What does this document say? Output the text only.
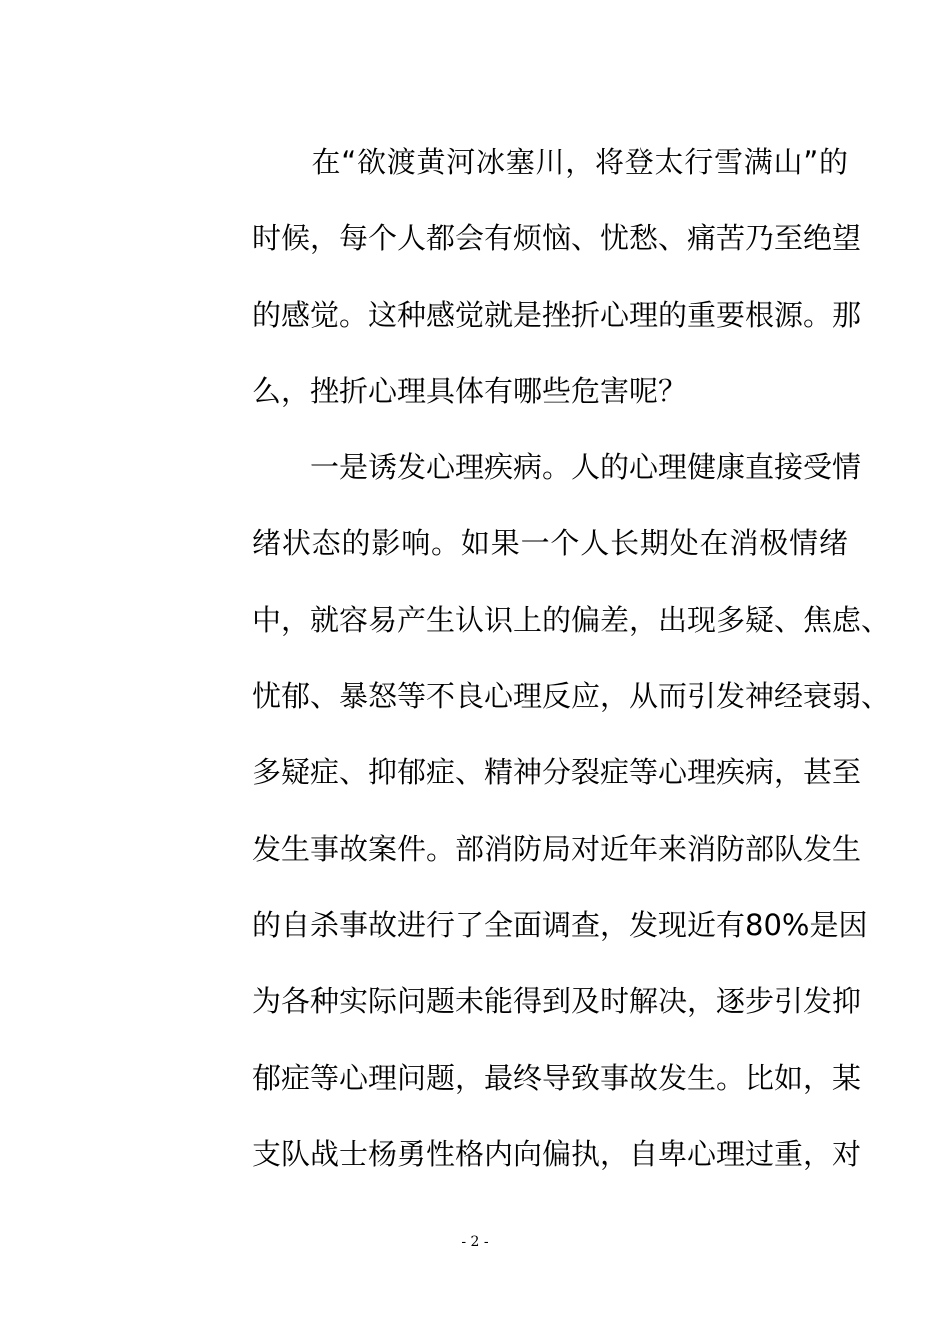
　　在“欲渡黄河冰塞川，将登太行雪满山”的
时候，每个人都会有烦恼、忧愁、痛苦乃至绝望
的感觉。这种感觉就是挫折心理的重要根源。那
么，挫折心理具体有哪些危害呢？
　　一是诱发心理疾病。人的心理健康直接受情
绪状态的影响。如果一个人长期处在消极情绪
中，就容易产生认识上的偏差，出现多疑、焦虑、
忧郁、暴怒等不良心理反应，从而引发神经衰弱、
多疑症、抑郁症、精神分裂症等心理疾病，甚至
发生事故案件。部消防局对近年来消防部队发生
的自杀事故进行了全面调查，发现近有80%是因
为各种实际问题未能得到及时解决，逐步引发抑
郁症等心理问题，最终导致事故发生。比如，某
支队战士杨勇性格内向偏执，自卑心理过重，对
- 2 -
